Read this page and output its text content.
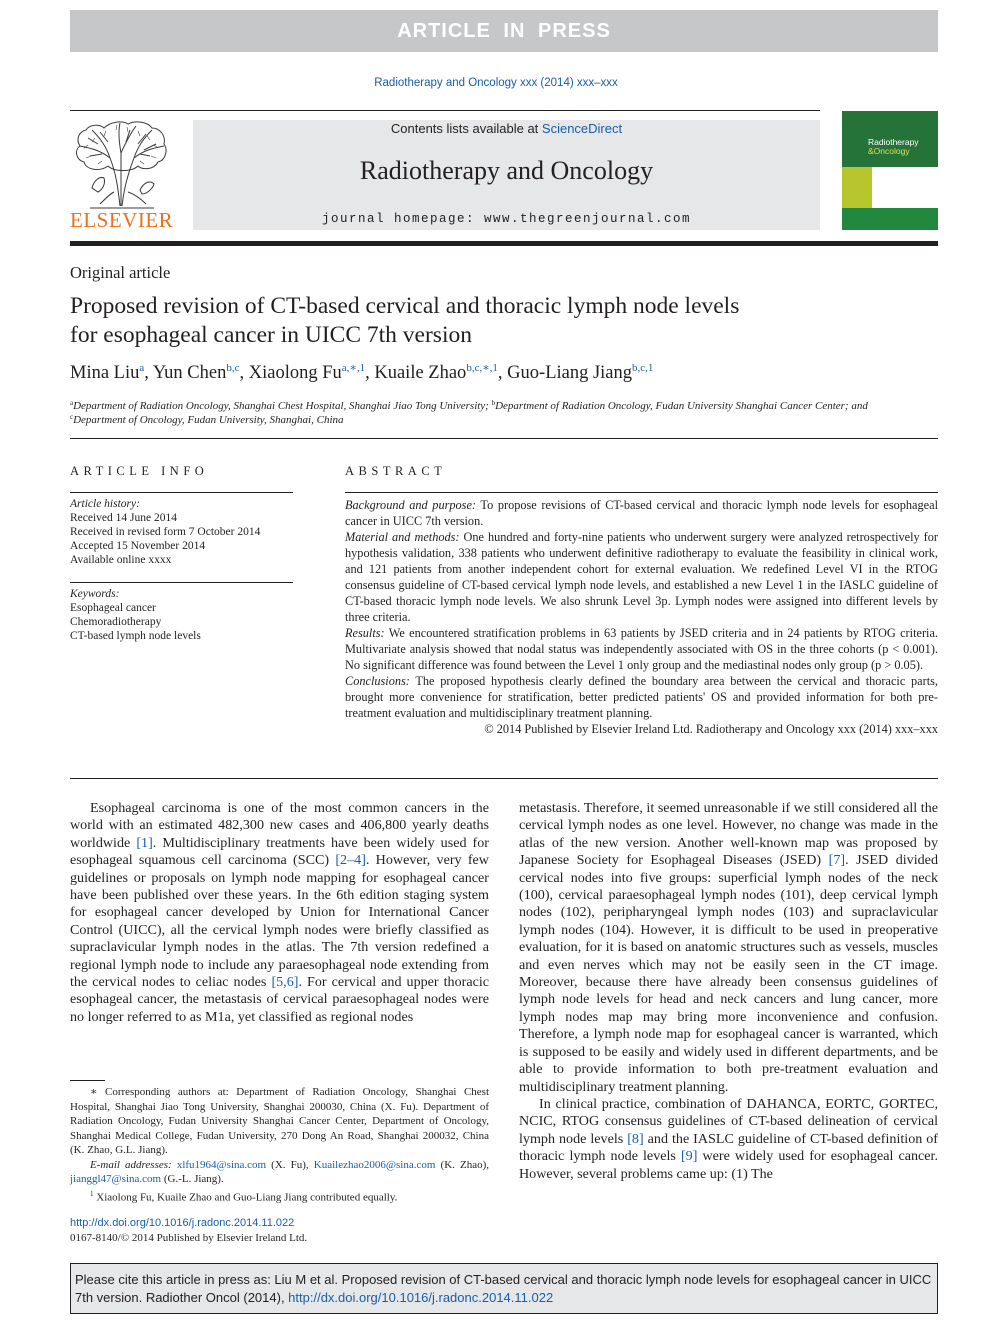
ARTICLE IN PRESS
Radiotherapy and Oncology xxx (2014) xxx–xxx
ELSEVIER
Contents lists available at ScienceDirect
Radiotherapy and Oncology
journal homepage: www.thegreenjournal.com
Radiotherapy
&Oncology
Original article
Proposed revision of CT-based cervical and thoracic lymph node levels
for esophageal cancer in UICC 7th version
Mina Liu$^a$, Yun Chen$^{b,c}$, Xiaolong $Fu^{a,∗,1}$, Kuaile Zhao$^{b,c,∗,1}$, Guo-Liang Jiang$^{b,c,1}$
$^a$Department of Radiation Oncology, Shanghai Chest Hospital, Shanghai Jiao Tong University; $^b$Department of Radiation Oncology, Fudan University Shanghai Cancer Center; and
$^c$Department of Oncology, Fudan University, Shanghai, China
ARTICLE INFO
Article history:
Received 14 June 2014
Received in revised form 7 October 2014
Accepted 15 November 2014
Available online xxxx
Keywords:
Esophageal cancer
Chemoradiotherapy
CT-based lymph node levels
ABSTRACT

Background and purpose: To propose revisions of CT-based cervical and thoracic lymph node levels for esophageal cancer in UICC 7th version.

Material and methods: One hundred and forty-nine patients who underwent surgery were analyzed retrospectively for hypothesis validation, 338 patients who underwent definitive radiotherapy to evaluate the feasibility in clinical work, and 121 patients from another independent cohort for external evaluation. We redefined Level VI in the RTOG consensus guideline of CT-based cervical lymph node levels, and established a new Level 1 in the IASLC guideline of CT-based thoracic lymph node levels. We also shrunk Level 3p. Lymph nodes were assigned into different levels by three criteria.

Results: We encountered stratification problems in 63 patients by JSED criteria and in 24 patients by RTOG criteria. Multivariate analysis showed that nodal status was independently associated with OS in the three cohorts (p < 0.001). No significant difference was found between the Level 1 only group and the mediastinal nodes only group (p > 0.05).

Conclusions: The proposed hypothesis clearly defined the boundary area between the cervical and thoracic parts, brought more convenience for stratification, better predicted patients' OS and provided information for both pre-treatment evaluation and multidisciplinary treatment planning.

© 2014 Published by Elsevier Ireland Ltd. Radiotherapy and Oncology xxx (2014) xxx–xxx

Esophageal carcinoma is one of the most common cancers in the world with an estimated 482,300 new cases and 406,800 yearly deaths worldwide [1]. Multidisciplinary treatments have been widely used for esophageal squamous cell carcinoma (SCC) [2–4]. However, very few guidelines or proposals on lymph node mapping for esophageal cancer have been published over these years. In the 6th edition staging system for esophageal cancer developed by Union for International Cancer Control (UICC), all the cervical lymph nodes were briefly classified as supraclavicular lymph nodes in the atlas. The 7th version redefined a regional lymph node to include any paraesophageal node extending from the cervical nodes to celiac nodes [5,6]. For cervical and upper thoracic esophageal cancer, the metastasis of cervical paraesophageal nodes were no longer referred to as M1a, yet classified as regional nodes

metastasis. Therefore, it seemed unreasonable if we still considered all the cervical lymph nodes as one level. However, no change was made in the atlas of the new version. Another well-known map was proposed by Japanese Society for Esophageal Diseases (JSED) [7]. JSED divided cervical nodes into five groups: superficial lymph nodes of the neck (100), cervical paraesophageal lymph nodes (101), deep cervical lymph nodes (102), peripharyngeal lymph nodes (103) and supraclavicular lymph nodes (104). However, it is difficult to be used in preoperative evaluation, for it is based on anatomic structures such as vessels, muscles and even nerves which may not be easily seen in the CT image. Moreover, because there have already been consensus guidelines of lymph node levels for head and neck cancers and lung cancer, more lymph nodes map may bring more inconvenience and confusion. Therefore, a lymph node map for esophageal cancer is warranted, which is supposed to be easily and widely used in different departments, and be able to provide information to both pre-treatment evaluation and multidisciplinary treatment planning.

In clinical practice, combination of DAHANCA, EORTC, GORTEC, NCIC, RTOG consensus guidelines of CT-based delineation of cervical lymph node levels [8] and the IASLC guideline of CT-based definition of thoracic lymph node levels [9] were widely used for esophageal cancer. However, several problems came up: (1) The

∗ Corresponding authors at: Department of Radiation Oncology, Shanghai Chest Hospital, Shanghai Jiao Tong University, Shanghai 200030, China (X. Fu). Department of Radiation Oncology, Fudan University Shanghai Cancer Center, Department of Oncology, Shanghai Medical College, Fudan University, 270 Dong An Road, Shanghai 200032, China (K. Zhao, G.L. Jiang).

E-mail addresses: xlfu1964@sina.com (X. Fu), Kuailezhao2006@sina.com (K. Zhao), jianggl47@sina.com (G.-L. Jiang).

$^1$ Xiaolong Fu, Kuaile Zhao and Guo-Liang Jiang contributed equally.

http://dx.doi.org/10.1016/j.radonc.2014.11.022
0167-8140/© 2014 Published by Elsevier Ireland Ltd.
Please cite this article in press as: Liu M et al. Proposed revision of CT-based cervical and thoracic lymph node levels for esophageal cancer in UICC 7th version. Radiother Oncol (2014), http://dx.doi.org/10.1016/j.radonc.2014.11.022
